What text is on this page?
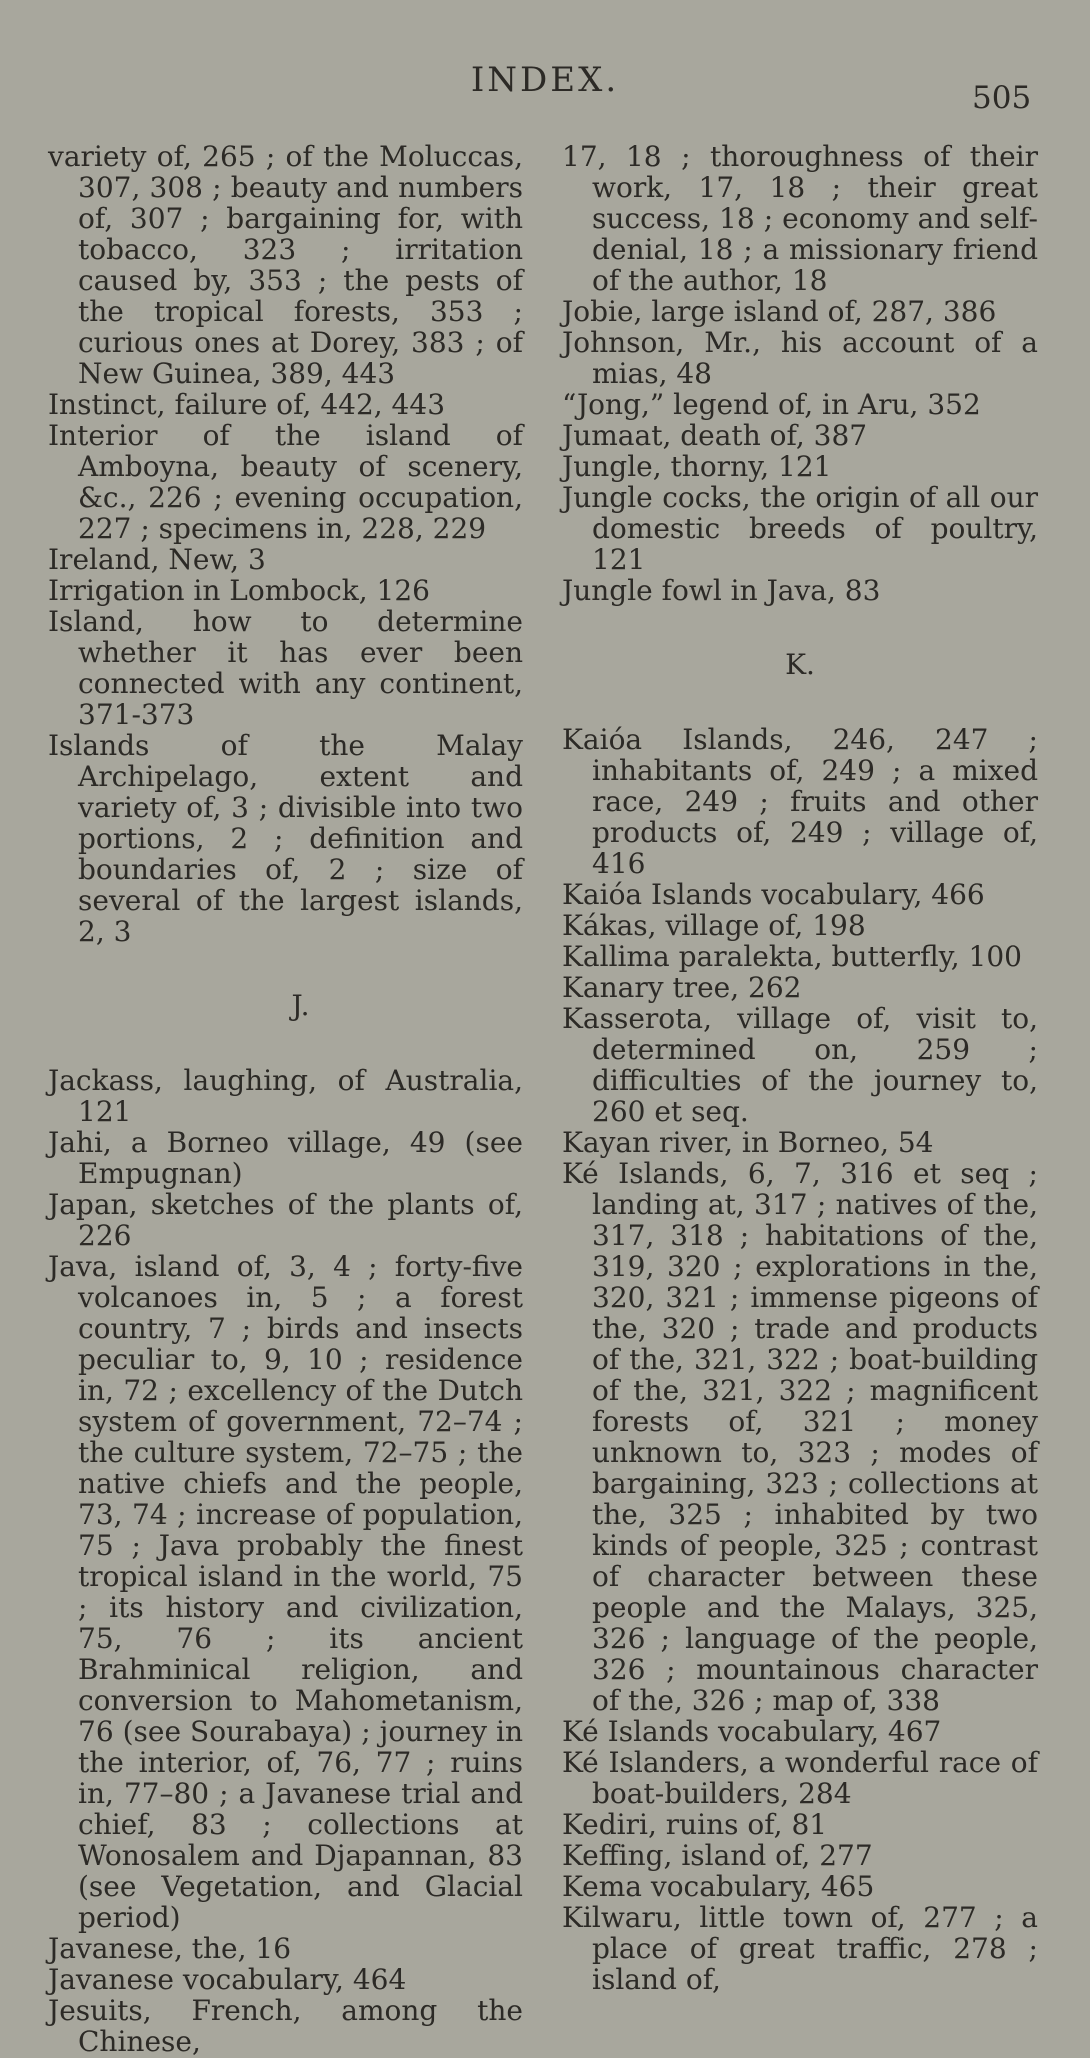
INDEX.	505
variety of, 265 ; of the Moluccas, 307, 308 ; beauty and numbers of, 307 ; bargaining for, with tobacco, 323 ; irritation caused by, 353 ; the pests of the tropical forests, 353 ; curious ones at Dorey, 383 ; of New Guinea, 389, 443
Instinct, failure of, 442, 443
Interior of the island of Amboyna, beauty of scenery, &c., 226 ; evening occupation, 227 ; specimens in, 228, 229
Ireland, New, 3
Irrigation in Lombock, 126
Island, how to determine whether it has ever been connected with any continent, 371-373
Islands of the Malay Archipelago, extent and variety of, 3 ; divisible into two portions, 2 ; definition and boundaries of, 2 ; size of several of the largest islands, 2, 3
J.
Jackass, laughing, of Australia, 121
Jahi, a Borneo village, 49 (see Empugnan)
Japan, sketches of the plants of, 226
Java, island of, 3, 4 ; forty-five volcanoes in, 5 ; a forest country, 7 ; birds and insects peculiar to, 9, 10 ; residence in, 72 ; excellency of the Dutch system of government, 72–74 ; the culture system, 72–75 ; the native chiefs and the people, 73, 74 ; increase of population, 75 ; Java probably the finest tropical island in the world, 75 ; its history and civilization, 75, 76 ; its ancient Brahminical religion, and conversion to Mahometanism, 76 (see Sourabaya) ; journey in the interior, of, 76, 77 ; ruins in, 77–80 ; a Javanese trial and chief, 83 ; collections at Wonosalem and Djapannan, 83 (see Vegetation, and Glacial period)
Javanese, the, 16
Javanese vocabulary, 464
Jesuits, French, among the Chinese,
17, 18 ; thoroughness of their work, 17, 18 ; their great success, 18 ; economy and self-denial, 18 ; a missionary friend of the author, 18
Jobie, large island of, 287, 386
Johnson, Mr., his account of a mias, 48
“Jong,” legend of, in Aru, 352
Jumaat, death of, 387
Jungle, thorny, 121
Jungle cocks, the origin of all our domestic breeds of poultry, 121
Jungle fowl in Java, 83
K.
Kaióa Islands, 246, 247 ; inhabitants of, 249 ; a mixed race, 249 ; fruits and other products of, 249 ; village of, 416
Kaióa Islands vocabulary, 466
Kákas, village of, 198
Kallima paralekta, butterfly, 100
Kanary tree, 262
Kasserota, village of, visit to, determined on, 259 ; difficulties of the journey to, 260 et seq.
Kayan river, in Borneo, 54
Ké Islands, 6, 7, 316 et seq ; landing at, 317 ; natives of the, 317, 318 ; habitations of the, 319, 320 ; explorations in the, 320, 321 ; immense pigeons of the, 320 ; trade and products of the, 321, 322 ; boat-building of the, 321, 322 ; magnificent forests of, 321 ; money unknown to, 323 ; modes of bargaining, 323 ; collections at the, 325 ; inhabited by two kinds of people, 325 ; contrast of character between these people and the Malays, 325, 326 ; language of the people, 326 ; mountainous character of the, 326 ; map of, 338
Ké Islands vocabulary, 467
Ké Islanders, a wonderful race of boat-builders, 284
Kediri, ruins of, 81
Keffing, island of, 277
Kema vocabulary, 465
Kilwaru, little town of, 277 ; a place of great traffic, 278 ; island of,
